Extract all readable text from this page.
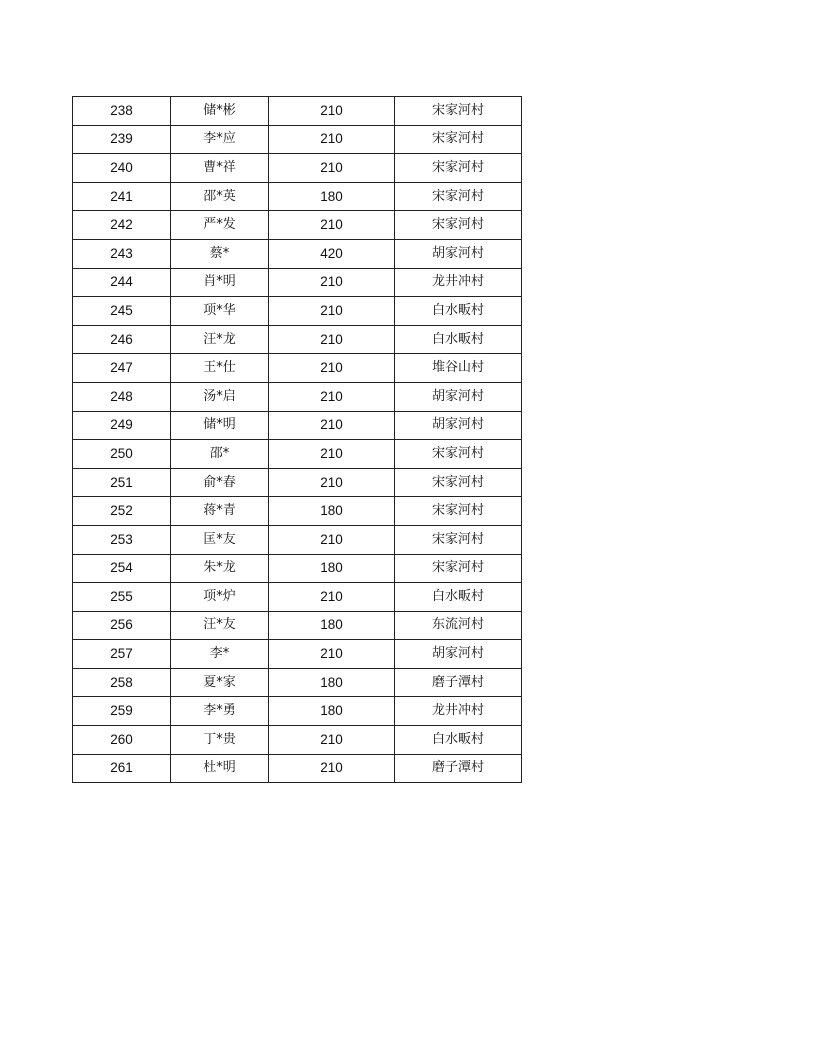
238	储*彬	210	宋家河村
239	李*应	210	宋家河村
240	曹*祥	210	宋家河村
241	邵*英	180	宋家河村
242	严*发	210	宋家河村
243	蔡*	420	胡家河村
244	肖*明	210	龙井冲村
245	项*华	210	白水畈村
246	汪*龙	210	白水畈村
247	王*仕	210	堆谷山村
248	汤*启	210	胡家河村
249	储*明	210	胡家河村
250	邵*	210	宋家河村
251	俞*春	210	宋家河村
252	蒋*青	180	宋家河村
253	匡*友	210	宋家河村
254	朱*龙	180	宋家河村
255	项*炉	210	白水畈村
256	汪*友	180	东流河村
257	李*	210	胡家河村
258	夏*家	180	磨子潭村
259	李*勇	180	龙井冲村
260	丁*贵	210	白水畈村
261	杜*明	210	磨子潭村
